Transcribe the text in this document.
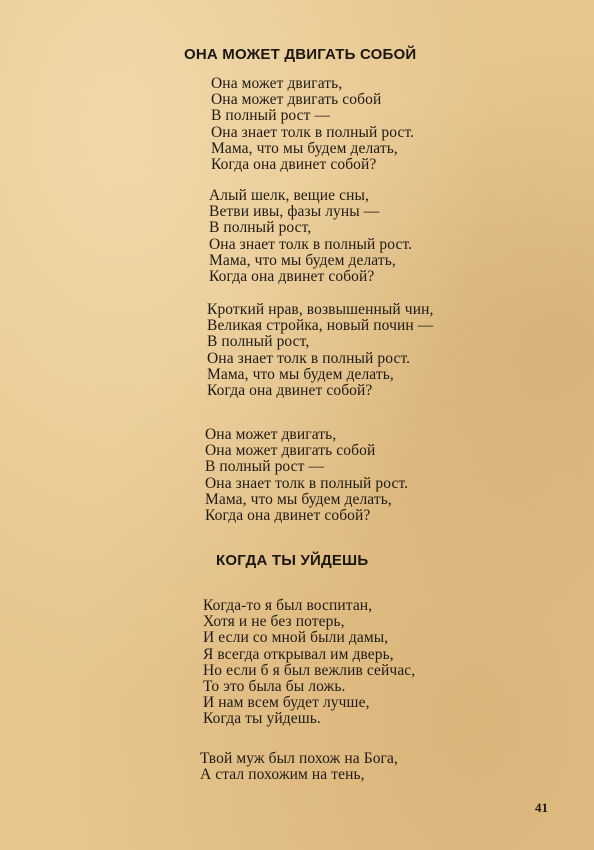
ОНА МОЖЕТ ДВИГАТЬ СОБОЙ
Она может двигать,
Она может двигать собой
В полный рост —
Она знает толк в полный рост.
Мама, что мы будем делать,
Когда она двинет собой?
Алый шелк, вещие сны,
Ветви ивы, фазы луны —
В полный рост,
Она знает толк в полный рост.
Мама, что мы будем делать,
Когда она двинет собой?
Кроткий нрав, возвышенный чин,
Великая стройка, новый почин —
В полный рост,
Она знает толк в полный рост.
Мама, что мы будем делать,
Когда она двинет собой?
Она может двигать,
Она может двигать собой
В полный рост —
Она знает толк в полный рост.
Мама, что мы будем делать,
Когда она двинет собой?
КОГДА ТЫ УЙДЕШЬ
Когда-то я был воспитан,
Хотя и не без потерь,
И если со мной были дамы,
Я всегда открывал им дверь,
Но если б я был вежлив сейчас,
То это была бы ложь.
И нам всем будет лучше,
Когда ты уйдешь.
Твой муж был похож на Бога,
А стал похожим на тень,

41
